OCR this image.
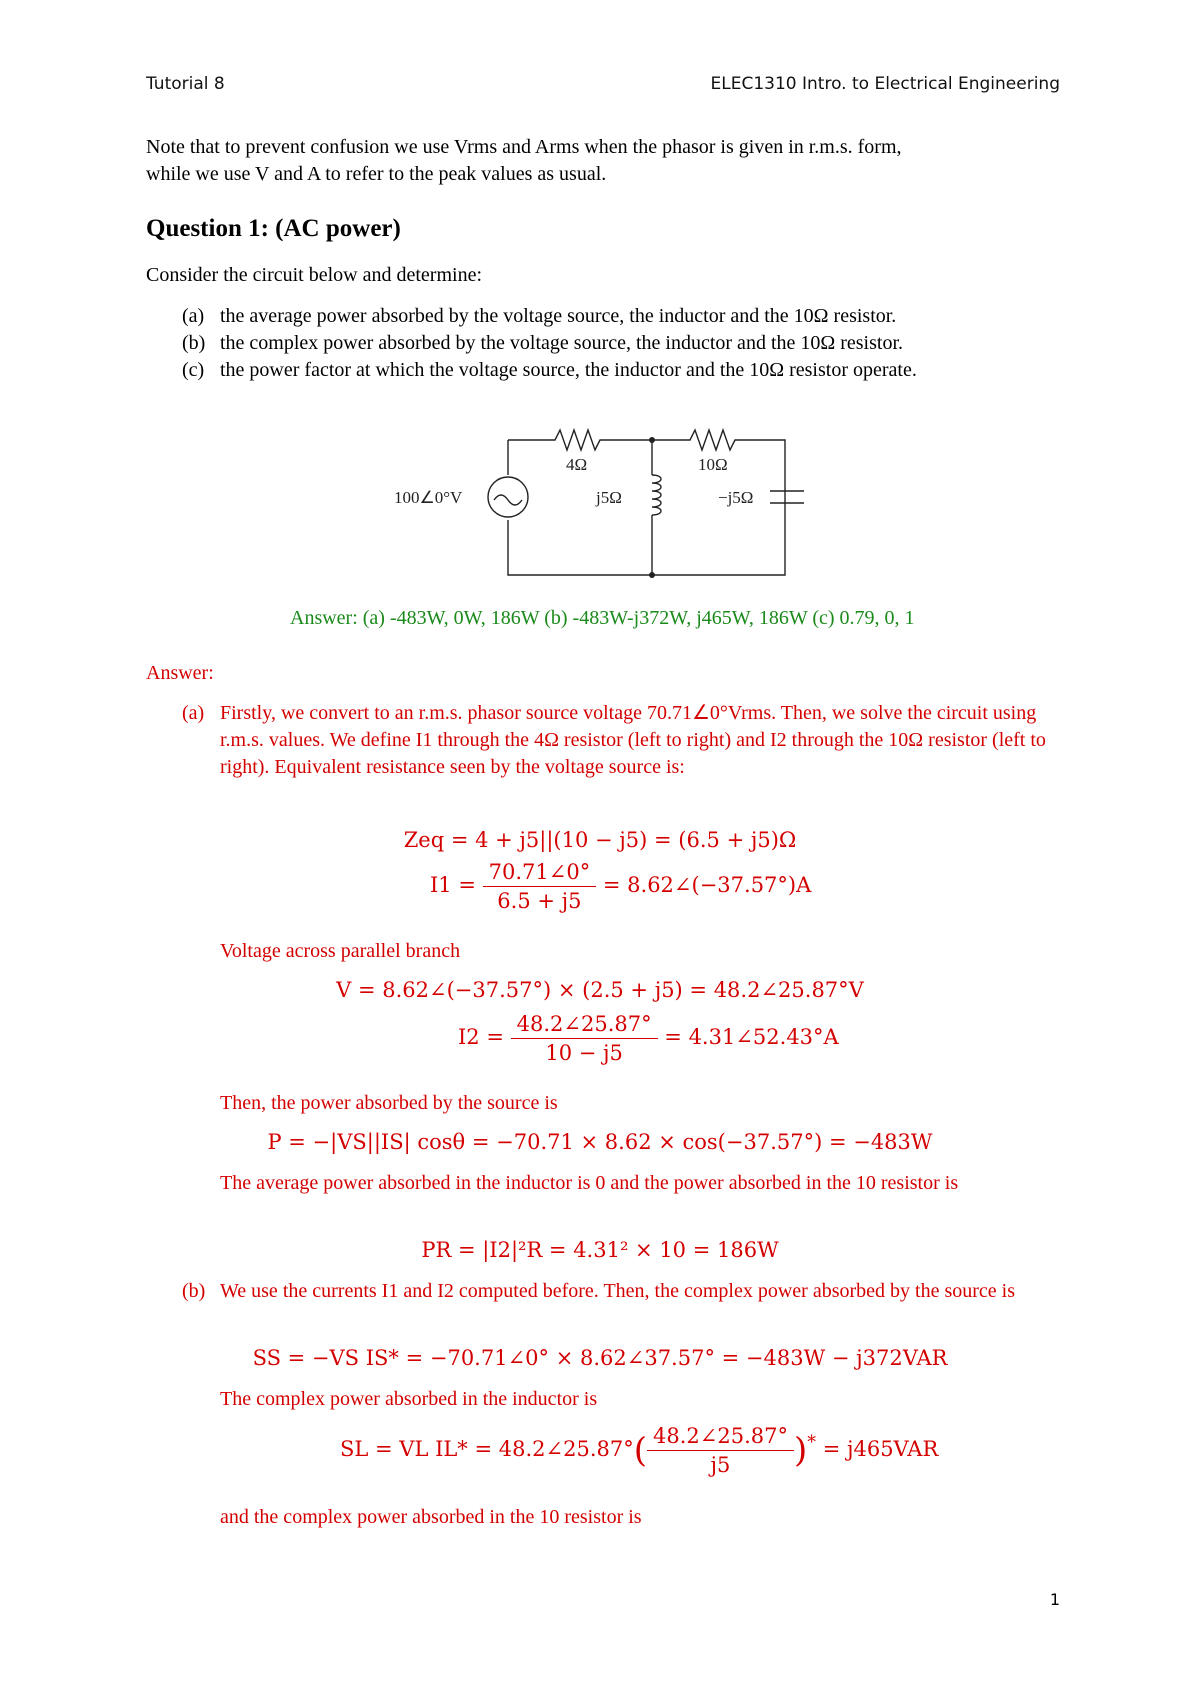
Tutorial 8	ELEC1310 Intro. to Electrical Engineering
Note that to prevent confusion we use Vrms and Arms when the phasor is given in r.m.s. form,
while we use V and A to refer to the peak values as usual.
Question 1: (AC power)
Consider the circuit below and determine:
(a) the average power absorbed by the voltage source, the inductor and the 10Ω resistor.
(b) the complex power absorbed by the voltage source, the inductor and the 10Ω resistor.
(c) the power factor at which the voltage source, the inductor and the 10Ω resistor operate.
100∠0°V
4Ω	10Ω
j5Ω	−j5Ω
Answer: (a) -483W, 0W, 186W (b) -483W-j372W, j465W, 186W (c) 0.79, 0, 1
Answer:
(a) Firstly, we convert to an r.m.s. phasor source voltage 70.71∠0°Vrms. Then, we solve the circuit using r.m.s. values. We define I1 through the 4Ω resistor (left to right) and I2 through the 10Ω resistor (left to right). Equivalent resistance seen by the voltage source is:
Zeq = 4 + j5||(10 − j5) = (6.5 + j5)Ω
$I1 = \frac{70.71\angle 0^\circ}{6.5 + j5}$ = 8.62∠(−37.57°)A
Voltage across parallel branch
V = 8.62∠(−37.57°) × (2.5 + j5) = 48.2∠25.87°V
$I2 = \frac{48.2\angle 25.87^\circ}{10 - j5}$ = 4.31∠52.43°A
Then, the power absorbed by the source is
P = −|VS||IS| cosθ = −70.71 × 8.62 × cos(−37.57°) = −483W
The average power absorbed in the inductor is 0 and the power absorbed in the 10 resistor is
PR = |I2|²R = 4.31² × 10 = 186W
(b) We use the currents I1 and I2 computed before. Then, the complex power absorbed by the source is
SS = −VS IS* = −70.71∠0° × 8.62∠37.57° = −483W − j372VAR
The complex power absorbed in the inductor is
SL = VL IL* = 48.2∠25.87°( $\frac{48.2\angle 25.87^\circ}{j5} )^* = j465VAR$
and the complex power absorbed in the 10 resistor is
1
